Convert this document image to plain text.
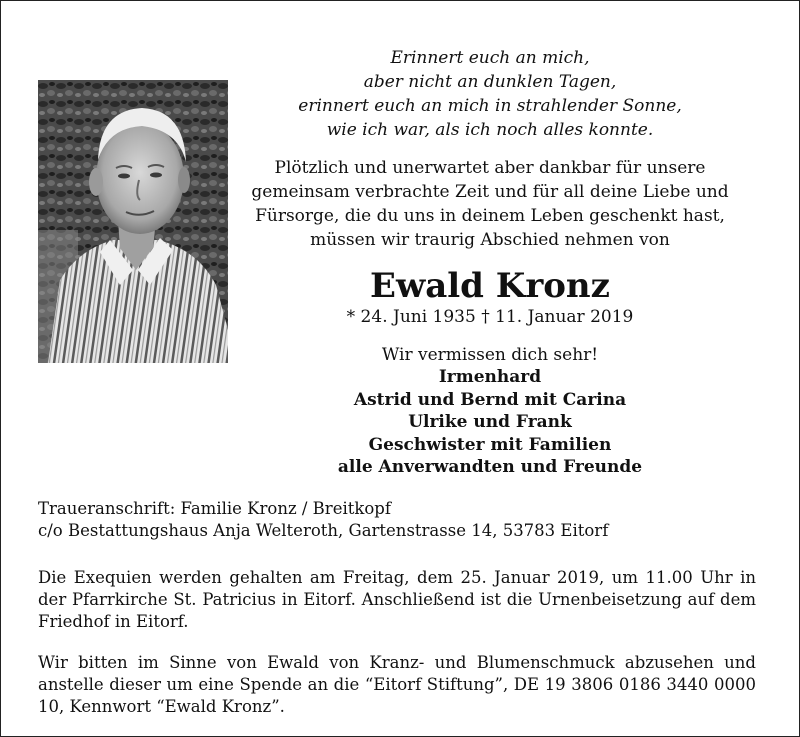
Erinnert euch an mich,
aber nicht an dunklen Tagen,
erinnert euch an mich in strahlender Sonne,
wie ich war, als ich noch alles konnte.

Plötzlich und unerwartet aber dankbar für unsere
gemeinsam verbrachte Zeit und für all deine Liebe und
Fürsorge, die du uns in deinem Leben geschenkt hast,
müssen wir traurig Abschied nehmen von

Ewald Kronz
* 24. Juni 1935 † 11. Januar 2019
Wir vermissen dich sehr!
Irmenhard
Astrid und Bernd mit Carina
Ulrike und Frank
Geschwister mit Familien
alle Anverwandten und Freunde

Traueranschrift: Familie Kronz / Breitkopf

c/o Bestattungshaus Anja Welteroth, Gartenstrasse 14, 53783 Eitorf

Die Exequien werden gehalten am Freitag, dem 25. Januar 2019, um 11.00 Uhr in der Pfarrkirche St. Patricius in Eitorf. Anschließend ist die Urnenbeisetzung auf dem Friedhof in Eitorf.

Wir bitten im Sinne von Ewald von Kranz- und Blumenschmuck abzusehen und anstelle dieser um eine Spende an die “Eitorf Stiftung”, DE 19 3806 0186 3440 0000 10, Kennwort “Ewald Kronz”.
